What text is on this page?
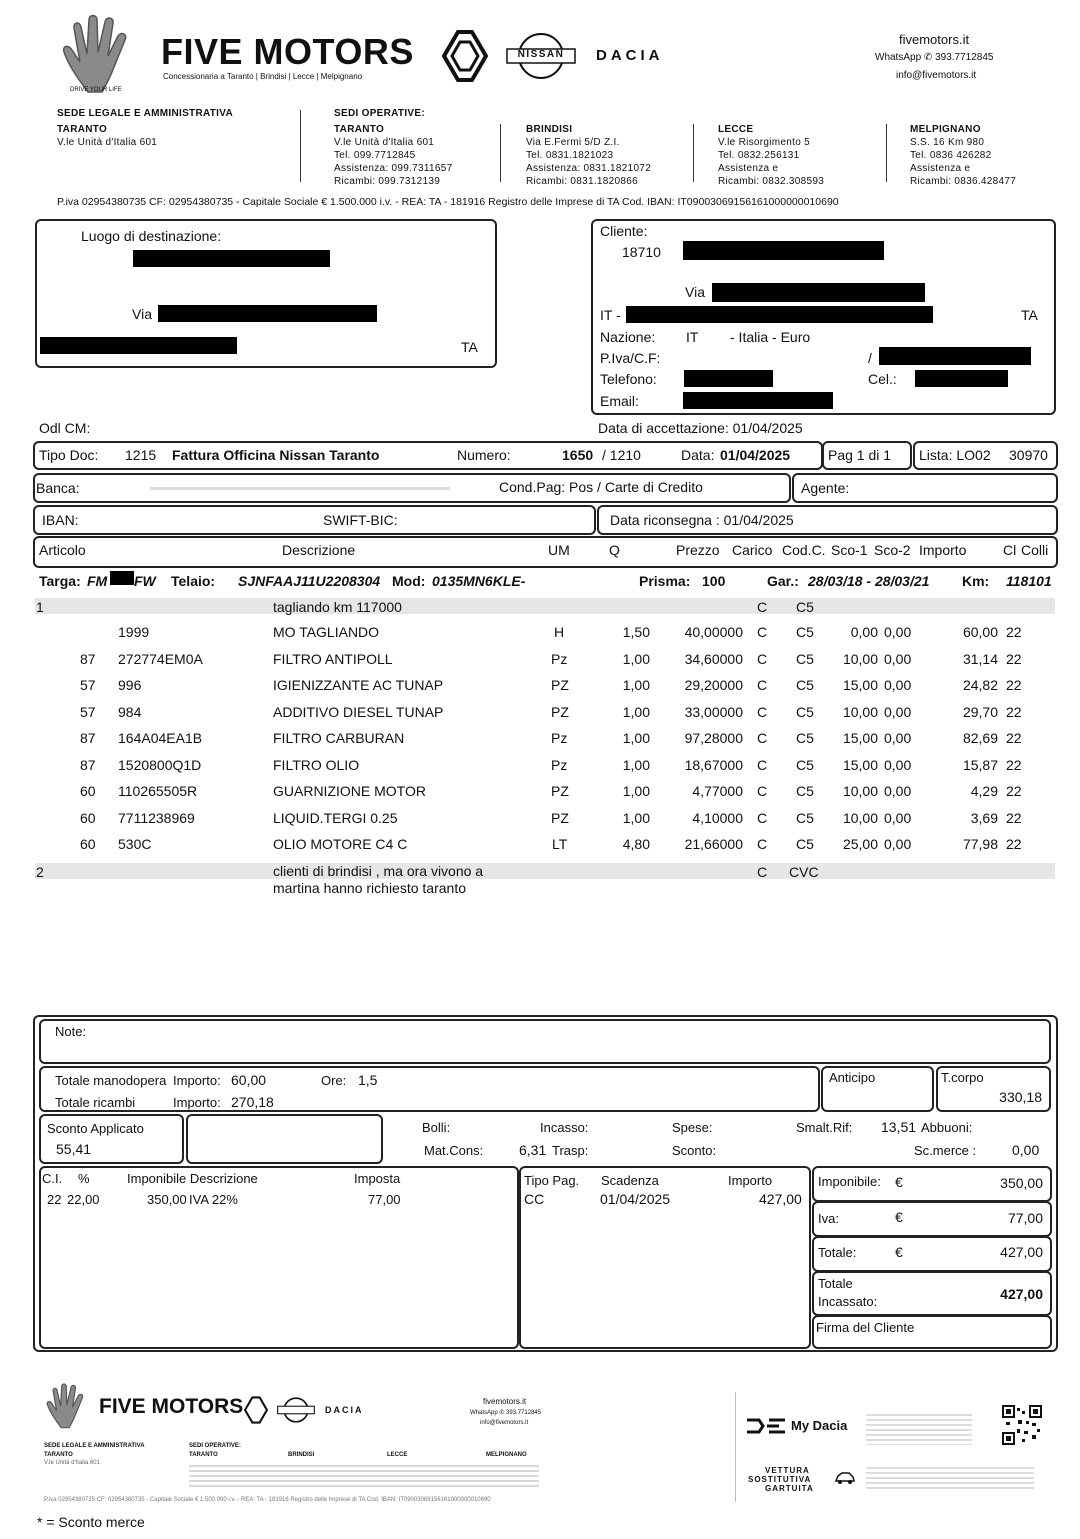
DRIVE YOUR LIFE
FIVE MOTORS
Concessionaria a Taranto | Brindisi | Lecce | Melpignano
NISSAN	DACIA
fivemotors.it
WhatsApp ✆ 393.7712845
info@fivemotors.it
SEDE LEGALE E AMMINISTRATIVA
TARANTO
V.le Unità d'Italia 601
SEDI OPERATIVE:
TARANTO
V.le Unità d'Italia 601
Tel. 099.7712845
Assistenza: 099.7311657
Ricambi: 099.7312139
BRINDISI
Via E.Fermi 5/D Z.I.
Tel. 0831.1821023
Assistenza: 0831.1821072
Ricambi: 0831.1820866
LECCE
V.le Risorgimento 5
Tel. 0832.256131
Assistenza e
Ricambi: 0832.308593
MELPIGNANO
S.S. 16 Km 980
Tel. 0836 426282
Assistenza e
Ricambi: 0836.428477
P.iva 02954380735 CF: 02954380735 - Capitale Sociale € 1.500.000 i.v. - REA: TA - 181916 Registro delle Imprese di TA Cod. IBAN: IT09003069156161000000010690
Luogo di destinazione:
Via
TA
Cliente:
18710
Via
IT -	TA
Nazione: IT - Italia - Euro
P.Iva/C.F:	/
Telefono:	Cel.:
Email:
Odl CM:	Data di accettazione: 01/04/2025
Tipo Doc: 1215 Fattura Officina Nissan Taranto	Numero:	1650 / 1210	Data: 01/04/2025	Pag 1 di 1 Lista: LO02 30970
Banca:	Cond.Pag: Pos / Carte di Credito	Agente:
IBAN:	SWIFT-BIC:	Data riconsegna : 01/04/2025
Articolo	Descrizione	UM	Q	Prezzo Carico Cod.C. Sco-1 Sco-2 Importo	Cl Colli
Targa: FM FW Telaio: SJNFAAJ11U2208304 Mod: 0135MN6KLE-	Prisma: 100	Gar.: 28/03/18 - 28/03/21 Km: 118101
1	tagliando km 117000	C C5
1999	MO TAGLIANDO	H	1,50	40,00000 C C5	0,00 0,00	60,00 22
87 272774EM0A	FILTRO ANTIPOLL	Pz	1,00	34,60000 C C5	10,00 0,00	31,14 22
57 996	IGIENIZZANTE AC TUNAP	PZ	1,00	29,20000 C C5	15,00 0,00	24,82 22
57 984	ADDITIVO DIESEL TUNAP	PZ	1,00	33,00000 C C5	10,00 0,00	29,70 22
87 164A04EA1B	FILTRO CARBURAN	Pz	1,00	97,28000 C C5	15,00 0,00	82,69 22
87 1520800Q1D	FILTRO OLIO	Pz	1,00	18,67000 C C5	15,00 0,00	15,87 22
60 110265505R	GUARNIZIONE MOTOR	PZ	1,00	4,77000 C C5	10,00 0,00	4,29 22
60 7711238969	LIQUID.TERGI 0.25	PZ	1,00	4,10000 C C5	10,00 0,00	3,69 22
60 530C	OLIO MOTORE C4 C	LT	4,80	21,66000 C C5	25,00 0,00	77,98 22
2	clienti di brindisi , ma ora vivono a
martina hanno richiesto taranto
C CVC
Note:
Totale manodopera Importo: 60,00	Ore: 1,5
Totale ricambi	Importo: 270,18
Anticipo	T.corpo
330,18
Sconto Applicato
55,41
Bolli:	Incasso:	Spese:	Smalt.Rif: 13,51 Abbuoni:
Mat.Cons:	6,31 Trasp:	Sconto:	Sc.merce :	0,00
C.I. %	Imponibile Descrizione	Imposta
22 22,00	350,00 IVA 22%	77,00
Tipo Pag. Scadenza	Importo
CC	01/04/2025	427,00
Imponibile: €	350,00
Iva:	€	77,00
Totale:	€	427,00
Totale
Incassato:	427,00
Firma del Cliente
FIVE MOTORS	DACIA
fivemotors.it
WhatsApp ✆ 393.7712845
info@fivemotors.it
SEDE LEGALE E AMMINISTRATIVA
TARANTO
V.le Unità d'Italia 601
SEDI OPERATIVE:
TARANTO	BRINDISI	LECCE	MELPIGNANO
P.iva 02954380735 CF: 02954380735 - Capitale Sociale € 1.500.000 i.v. - REA: TA - 181916 Registro delle Imprese di TA Cod. IBAN: IT09003069156161000000010690
My Dacia
VETTURA
SOSTITUTIVA
GARTUITA
* = Sconto merce
